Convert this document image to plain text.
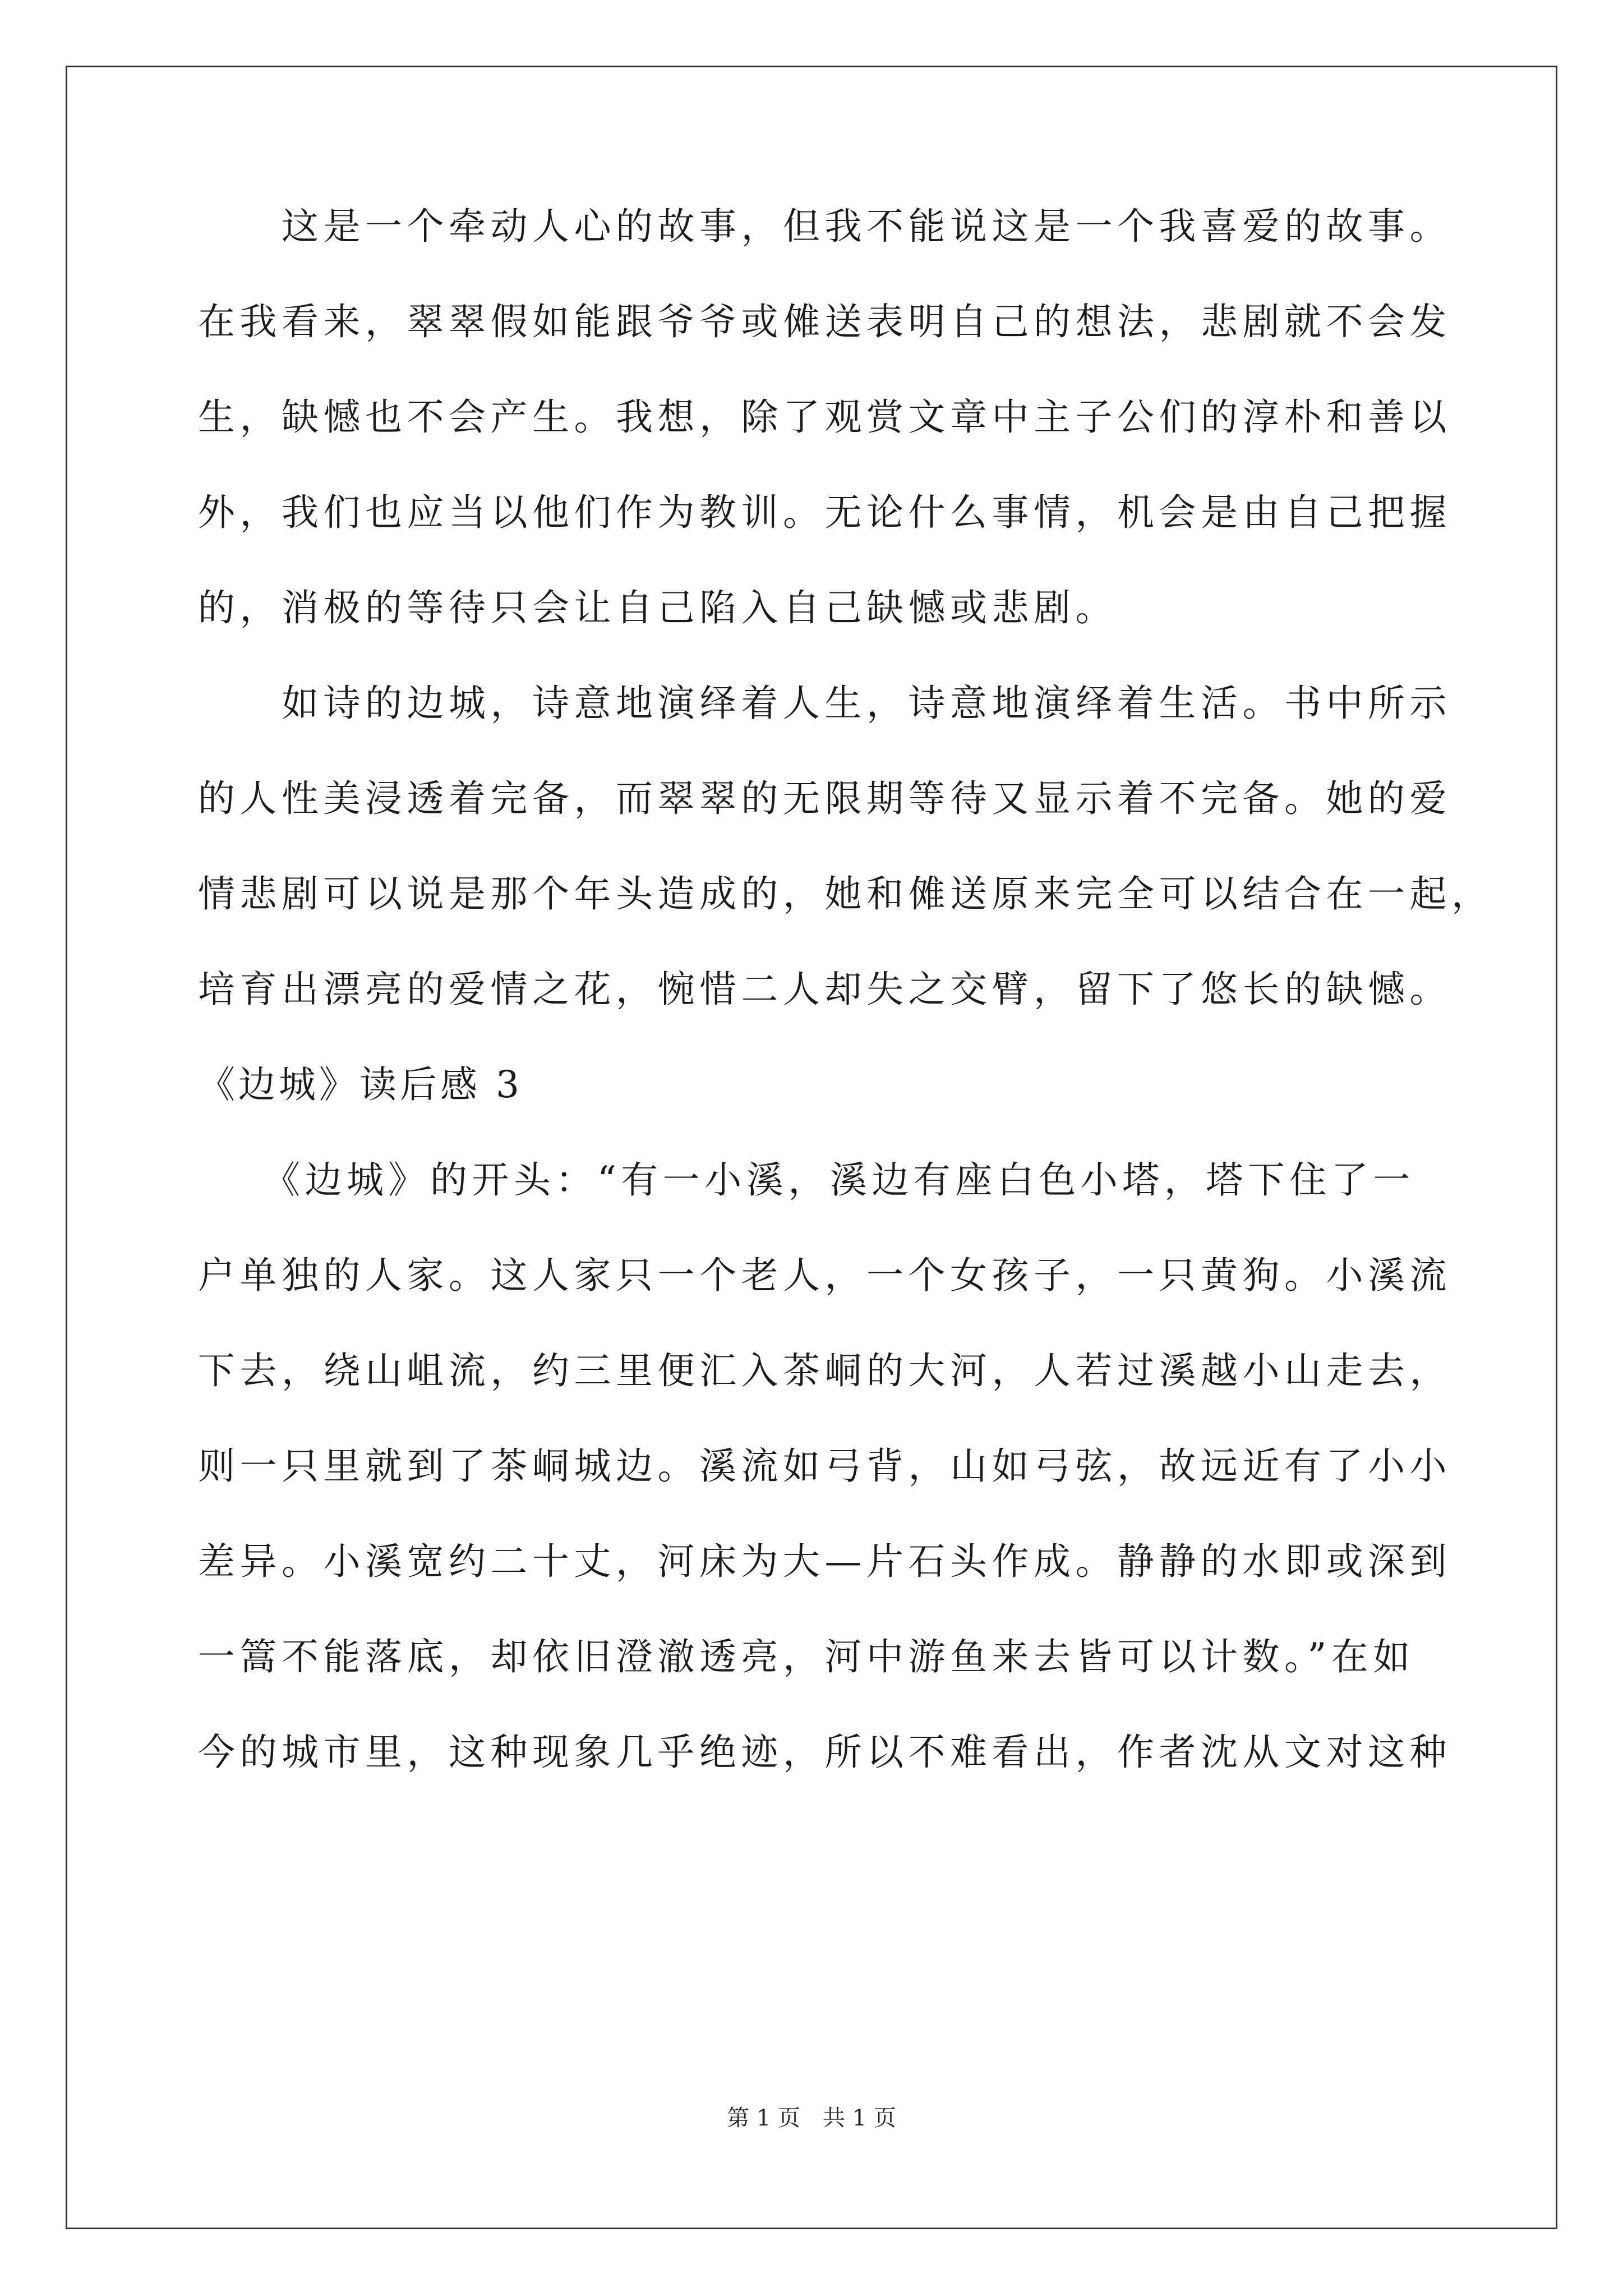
　　这是一个牵动人心的故事，但我不能说这是一个我喜爱的故事。
在我看来，翠翠假如能跟爷爷或傩送表明自己的想法，悲剧就不会发
生，缺憾也不会产生。我想，除了观赏文章中主子公们的淳朴和善以
外，我们也应当以他们作为教训。无论什么事情，机会是由自己把握
的，消极的等待只会让自己陷入自己缺憾或悲剧。
　　如诗的边城，诗意地演绎着人生，诗意地演绎着生活。书中所示
的人性美浸透着完备，而翠翠的无限期等待又显示着不完备。她的爱
情悲剧可以说是那个年头造成的，她和傩送原来完全可以结合在一起，
培育出漂亮的爱情之花，惋惜二人却失之交臂，留下了悠长的缺憾。
《边城》读后感 3
　　《边城》的开头：“有一小溪，溪边有座白色小塔，塔下住了一
户单独的人家。这人家只一个老人，一个女孩子，一只黄狗。小溪流
下去，绕山岨流，约三里便汇入茶峒的大河，人若过溪越小山走去，
则一只里就到了茶峒城边。溪流如弓背，山如弓弦，故远近有了小小
差异。小溪宽约二十丈，河床为大—片石头作成。静静的水即或深到
一篙不能落底，却依旧澄澈透亮，河中游鱼来去皆可以计数。”在如
今的城市里，这种现象几乎绝迹，所以不难看出，作者沈从文对这种
第 1 页　共 1 页
